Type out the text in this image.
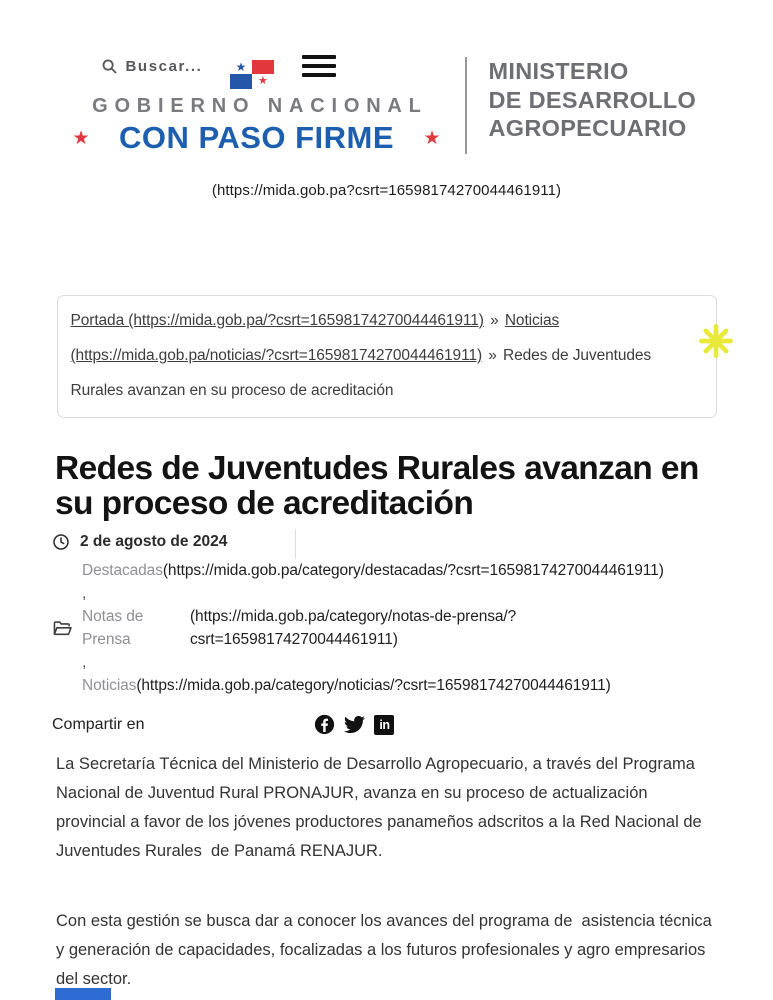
Buscar...	★
★
GOBIERNO NACIONAL
★ CON PASO FIRME ★
MINISTERIO
DE DESARROLLO
AGROPECUARIO
(https://mida.gob.pa?csrt=16598174270044461911)
Portada (https://mida.gob.pa/?csrt=16598174270044461911) » Noticias (https://mida.gob.pa/noticias/?csrt=16598174270044461911) » Redes de Juventudes Rurales avanzan en su proceso de acreditación
Redes de Juventudes Rurales avanzan en su proceso de acreditación
2 de agosto de 2024
Destacadas(https://mida.gob.pa/category/destacadas/?csrt=16598174270044461911)
,
Notas de Prensa
(https://mida.gob.pa/category/notas-de-prensa/?
csrt=16598174270044461911)
,
Noticias(https://mida.gob.pa/category/noticias/?csrt=16598174270044461911)
Compartir en	in

La Secretaría Técnica del Ministerio de Desarrollo Agropecuario, a través del Programa Nacional de Juventud Rural PRONAJUR, avanza en su proceso de actualización provincial a favor de los jóvenes productores panameños adscritos a la Red Nacional de Juventudes Rurales  de Panamá RENAJUR.

Con esta gestión se busca dar a conocer los avances del programa de  asistencia técnica y generación de capacidades, focalizadas a los futuros profesionales y agro empresarios del sector.
